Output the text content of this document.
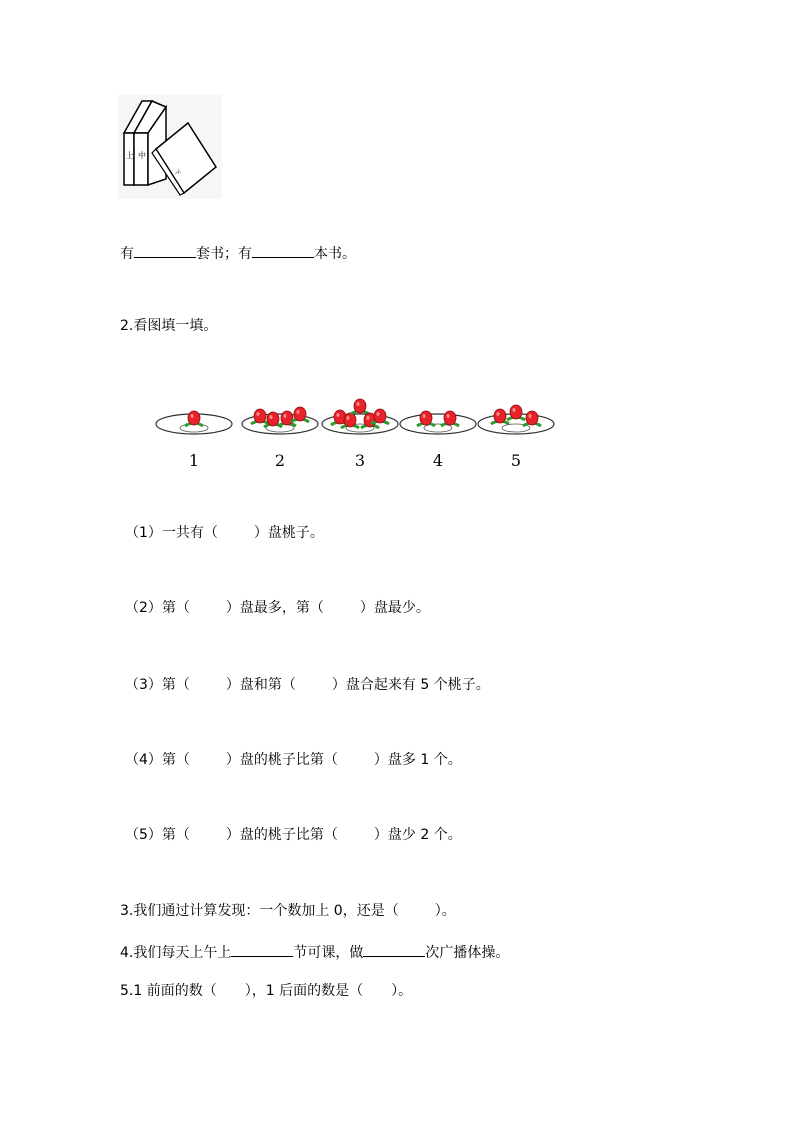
上 中
下
有	套书；有	本书。
2.看图填一填。
1	2	3	4	5
（1）一共有（	）盘桃子。
（2）第（	）盘最多，第（	）盘最少。
（3）第（	）盘和第（	）盘合起来有 5 个桃子。
（4）第（	）盘的桃子比第（	）盘多 1 个。
（5）第（	）盘的桃子比第（	）盘少 2 个。
3.我们通过计算发现：一个数加上 0，还是（	）。
4.我们每天上午上	节可课，做	次广播体操。
5.1 前面的数（ ），1 后面的数是（ ）。
